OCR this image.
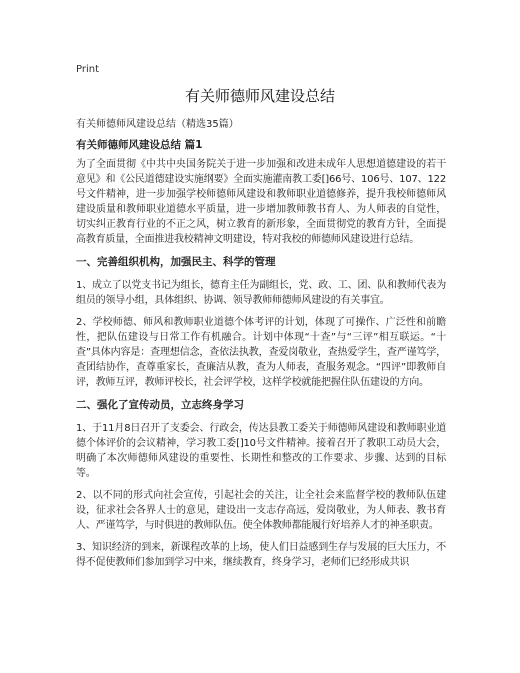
Print
有关师德师风建设总结

有关师德师风建设总结（精选35篇）

有关师德师风建设总结 篇1

为了全面贯彻《中共中央国务院关于进一步加强和改进未成年人思想道德建设的若干意见》和《公民道德建设实施纲要》全面实施灌南教工委[]66号、106号、107、122号文件精神，进一步加强学校师德师风建设和教师职业道德修养，提升我校师德师风建设质量和教师职业道德水平质量，进一步增加教师教书育人、为人师表的自觉性，切实纠正教育行业的不正之风，树立教育的新形象，全面贯彻党的教育方针，全面提高教育质量，全面推进我校精神文明建设，特对我校的师德师风建设进行总结。

一、完善组织机构，加强民主、科学的管理

1、成立了以党支书记为组长，德育主任为副组长，党、政、工、团、队和教师代表为组员的领导小组，具体组织、协调、领导教师师德师风建设的有关事宜。

2、学校师德、师风和教师职业道德个体考评的计划，体现了可操作、广泛性和前瞻性，把队伍建设与日常工作有机融合。计划中体现“十查”与“三评”相互联运。“十查”具体内容是：查理想信念，查依法执教，查爱岗敬业，查热爱学生，查严谨笃学，查团结协作，查尊重家长，查廉洁从教，查为人师表，查服务观念。“四评”即教师自评，教师互评，教师评校长，社会评学校，这样学校就能把握住队伍建设的方向。

二、强化了宣传动员，立志终身学习

1、于11月8日召开了支委会、行政会，传达县教工委关于师德师风建设和教师职业道德个体评价的会议精神，学习教工委[]10号文件精神。接着召开了教职工动员大会，明确了本次师德师风建设的重要性、长期性和整改的工作要求、步骤、达到的目标等。

2、以不同的形式向社会宣传，引起社会的关注，让全社会来监督学校的教师队伍建设，征求社会各界人士的意见，建设出一支志存高远，爱岗敬业，为人师表、教书育人、严谨笃学，与时俱进的教师队伍。使全体教师都能履行好培养人才的神圣职责。

3、知识经济的到来，新课程改革的上场，使人们日益感到生存与发展的巨大压力，不得不促使教师们参加到学习中来，继续教育，终身学习，老师们已经形成共识
